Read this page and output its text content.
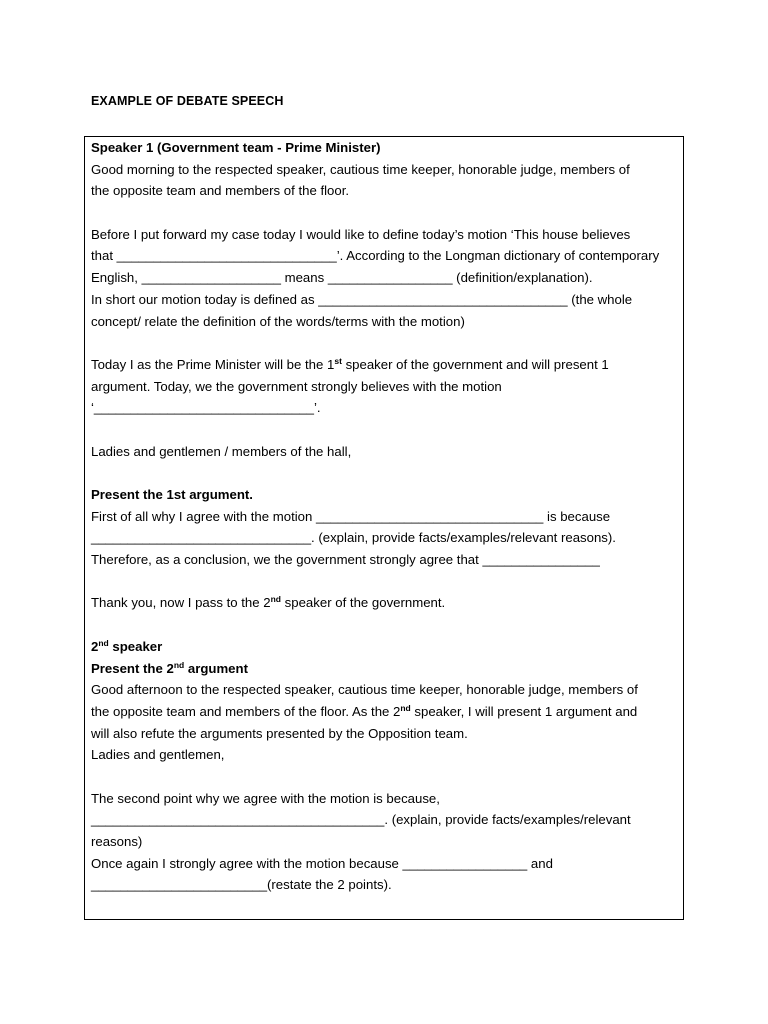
EXAMPLE OF DEBATE SPEECH
Speaker 1 (Government team - Prime Minister)
Good morning to the respected speaker, cautious time keeper, honorable judge, members of
the opposite team and members of the floor.
Before I put forward my case today I would like to define today’s motion ‘This house believes
that ______________________________’. According to the Longman dictionary of contemporary
English, ___________________ means _________________ (definition/explanation).
In short our motion today is defined as __________________________________ (the whole
concept/ relate the definition of the words/terms with the motion)
Today I as the Prime Minister will be the 1st speaker of the government and will present 1
argument. Today, we the government strongly believes with the motion
‘______________________________’.
Ladies and gentlemen / members of the hall,
Present the 1st argument.
First of all why I agree with the motion _______________________________ is because
______________________________. (explain, provide facts/examples/relevant reasons).
Therefore, as a conclusion, we the government strongly agree that ________________
Thank you, now I pass to the 2nd speaker of the government.
2nd speaker
Present the 2nd argument
Good afternoon to the respected speaker, cautious time keeper, honorable judge, members of
the opposite team and members of the floor. As the 2nd speaker, I will present 1 argument and
will also refute the arguments presented by the Opposition team.
Ladies and gentlemen,
The second point why we agree with the motion is because,
________________________________________. (explain, provide facts/examples/relevant
reasons)
Once again I strongly agree with the motion because _________________ and
________________________(restate the 2 points).
